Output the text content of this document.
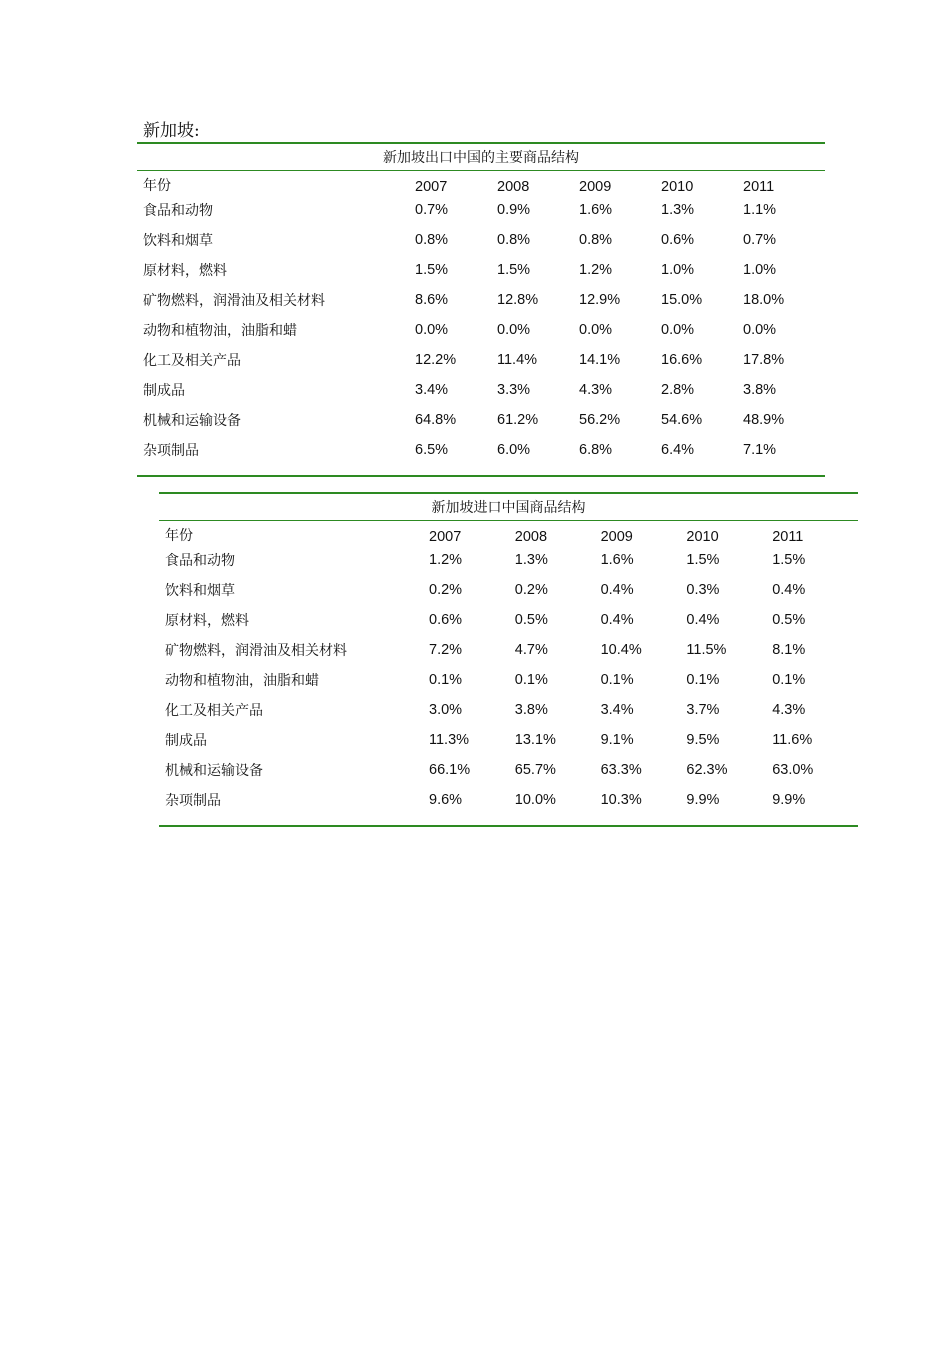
新加坡:
新加坡出口中国的主要商品结构					
年份	2007	2008	2009	2010	2011
食品和动物	0.7%	0.9%	1.6%	1.3%	1.1%
饮料和烟草	0.8%	0.8%	0.8%	0.6%	0.7%
原材料，燃料	1.5%	1.5%	1.2%	1.0%	1.0%
矿物燃料，润滑油及相关材料	8.6%	12.8%	12.9%	15.0%	18.0%
动物和植物油，油脂和蜡	0.0%	0.0%	0.0%	0.0%	0.0%
化工及相关产品	12.2%	11.4%	14.1%	16.6%	17.8%
制成品	3.4%	3.3%	4.3%	2.8%	3.8%
机械和运输设备	64.8%	61.2%	56.2%	54.6%	48.9%
杂项制品	6.5%	6.0%	6.8%	6.4%	7.1%

新加坡进口中国商品结构					
年份	2007	2008	2009	2010	2011
食品和动物	1.2%	1.3%	1.6%	1.5%	1.5%
饮料和烟草	0.2%	0.2%	0.4%	0.3%	0.4%
原材料，燃料	0.6%	0.5%	0.4%	0.4%	0.5%
矿物燃料，润滑油及相关材料	7.2%	4.7%	10.4%	11.5%	8.1%
动物和植物油，油脂和蜡	0.1%	0.1%	0.1%	0.1%	0.1%
化工及相关产品	3.0%	3.8%	3.4%	3.7%	4.3%
制成品	11.3%	13.1%	9.1%	9.5%	11.6%
机械和运输设备	66.1%	65.7%	63.3%	62.3%	63.0%
杂项制品	9.6%	10.0%	10.3%	9.9%	9.9%
